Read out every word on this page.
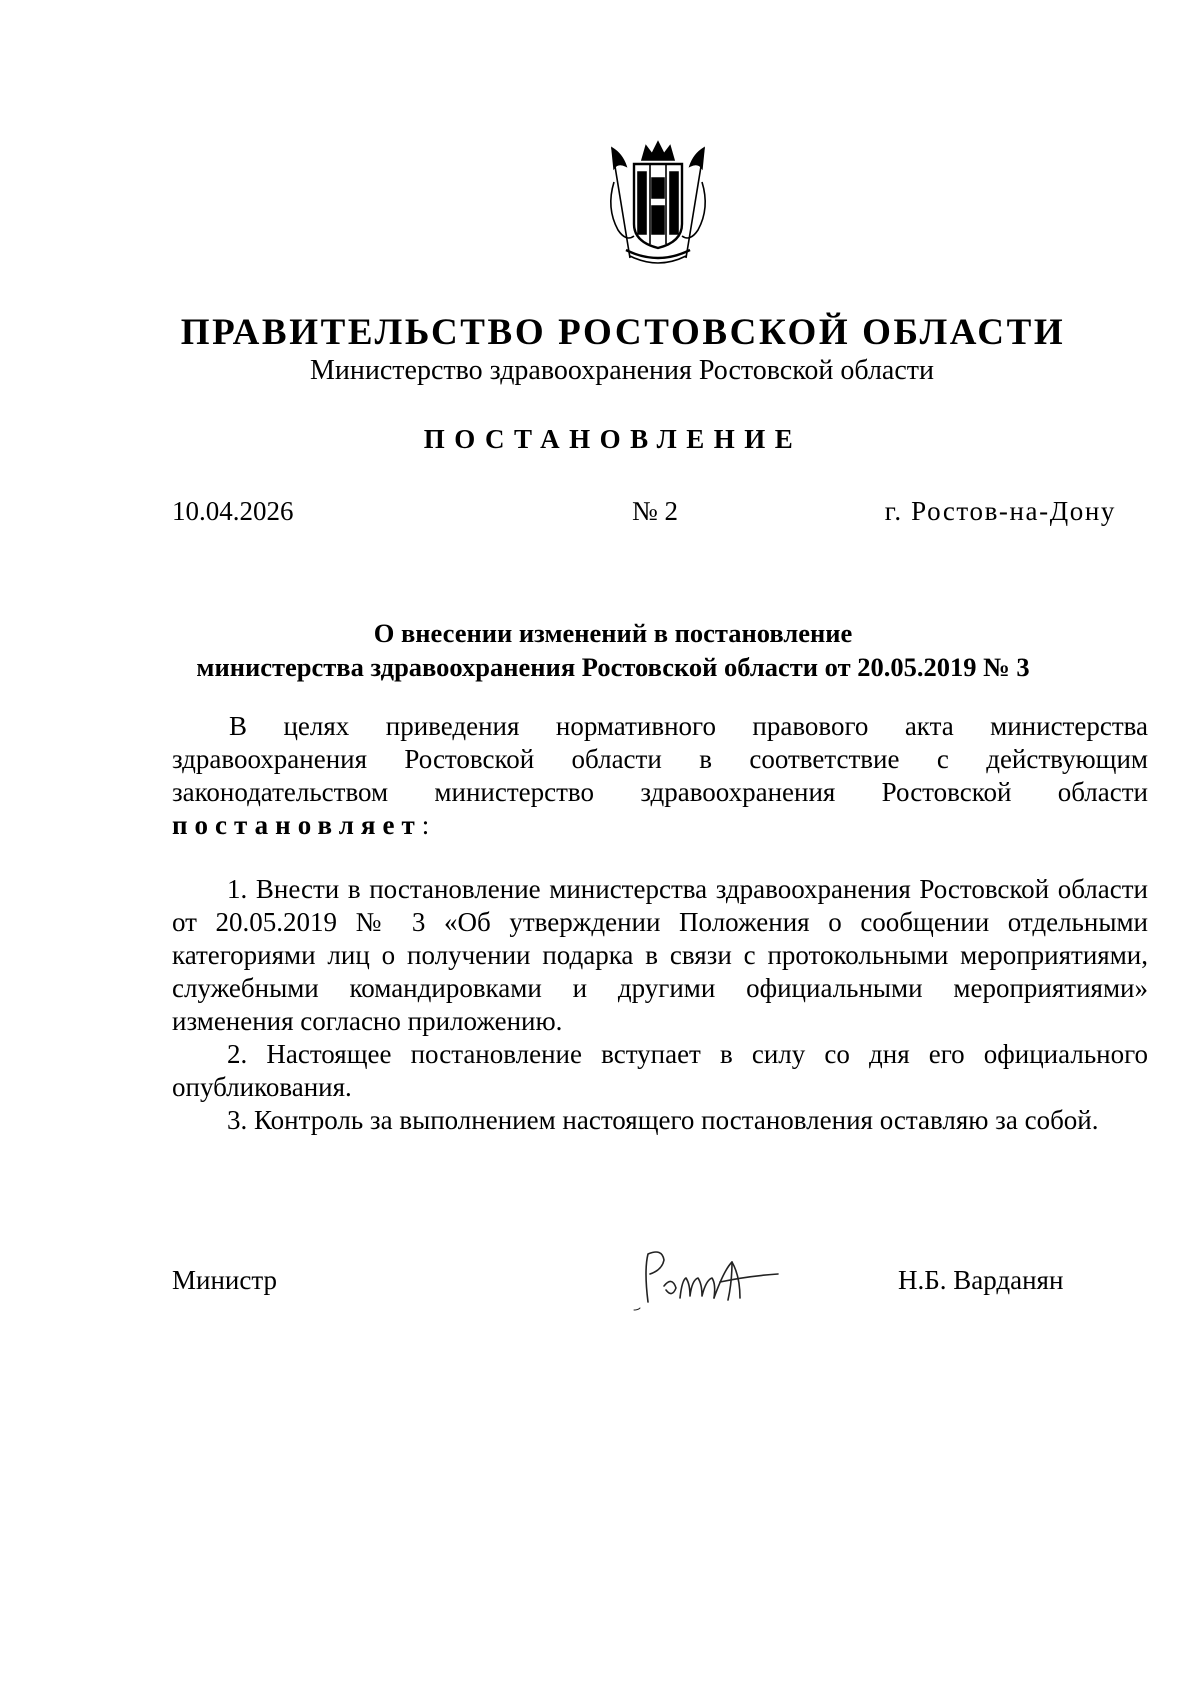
ПРАВИТЕЛЬСТВО РОСТОВСКОЙ ОБЛАСТИ
Министерство здравоохранения Ростовской области
ПОСТАНОВЛЕНИЕ
10.04.2026	№ 2	г. Ростов-на-Дону
О внесении изменений в постановление
министерства здравоохранения Ростовской области от 20.05.2019 № 3

В целях приведения нормативного правового акта министерства здравоохранения Ростовской области в соответствие с действующим законодательством министерство здравоохранения Ростовской области постановляет:

1. Внести в постановление министерства здравоохранения Ростовской области от 20.05.2019 № 3 «Об утверждении Положения о сообщении отдельными категориями лиц о получении подарка в связи с протокольными мероприятиями, служебными командировками и другими официальными мероприятиями» изменения согласно приложению.

2. Настоящее постановление вступает в силу со дня его официального опубликования.

3. Контроль за выполнением настоящего постановления оставляю за собой.

Министр	Н.Б. Варданян
